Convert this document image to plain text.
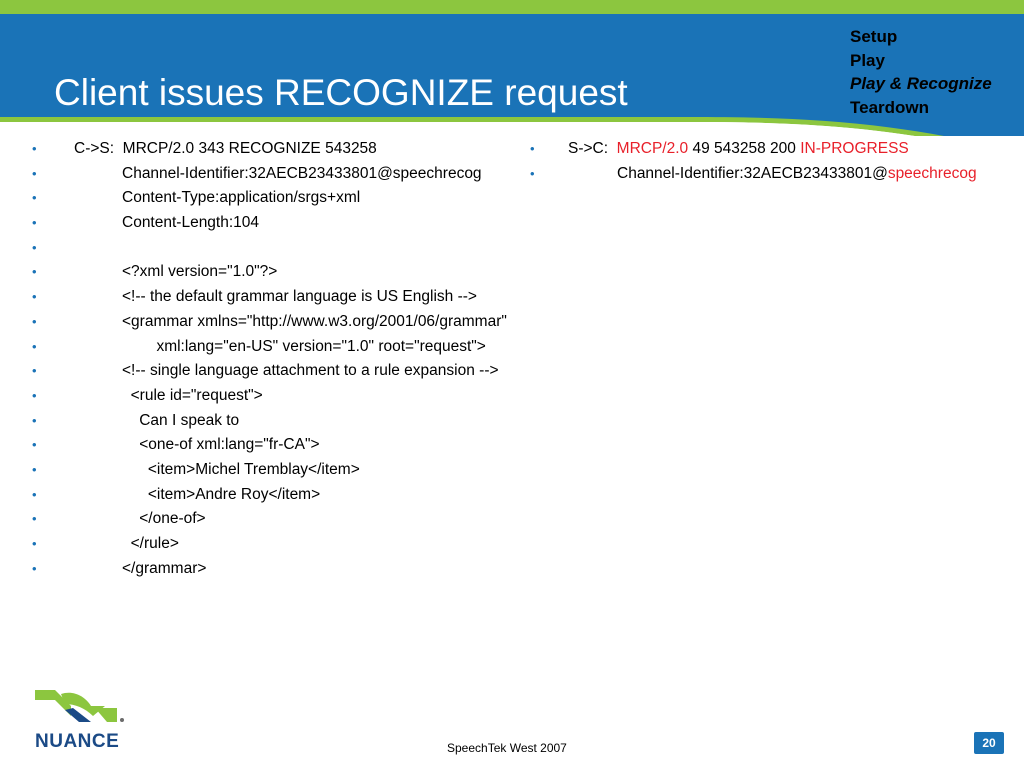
Client issues RECOGNIZE request
Setup
Play
Play & Recognize
Teardown
• C->S:  MRCP/2.0 343 RECOGNIZE 543258
•	Channel-Identifier:32AECB23433801@speechrecog
•	Content-Type:application/srgs+xml
•	Content-Length:104
•
•	<?xml version="1.0"?>
•	<!-- the default grammar language is US English -->
•	<grammar xmlns="http://www.w3.org/2001/06/grammar"
•	xml:lang="en-US" version="1.0" root="request">
•	<!-- single language attachment to a rule expansion -->
•	<rule id="request">
•	Can I speak to
•	<one-of xml:lang="fr-CA">
•	<item>Michel Tremblay</item>
•	<item>Andre Roy</item>
•	</one-of>
•	</rule>
•	</grammar>

•

S->C:  MRCP/2.0 49 543258 200 IN-PROGRESS

•

	Channel-Identifier:32AECB23433801@speechrecog

NUANCE	SpeechTek West 2007	20
